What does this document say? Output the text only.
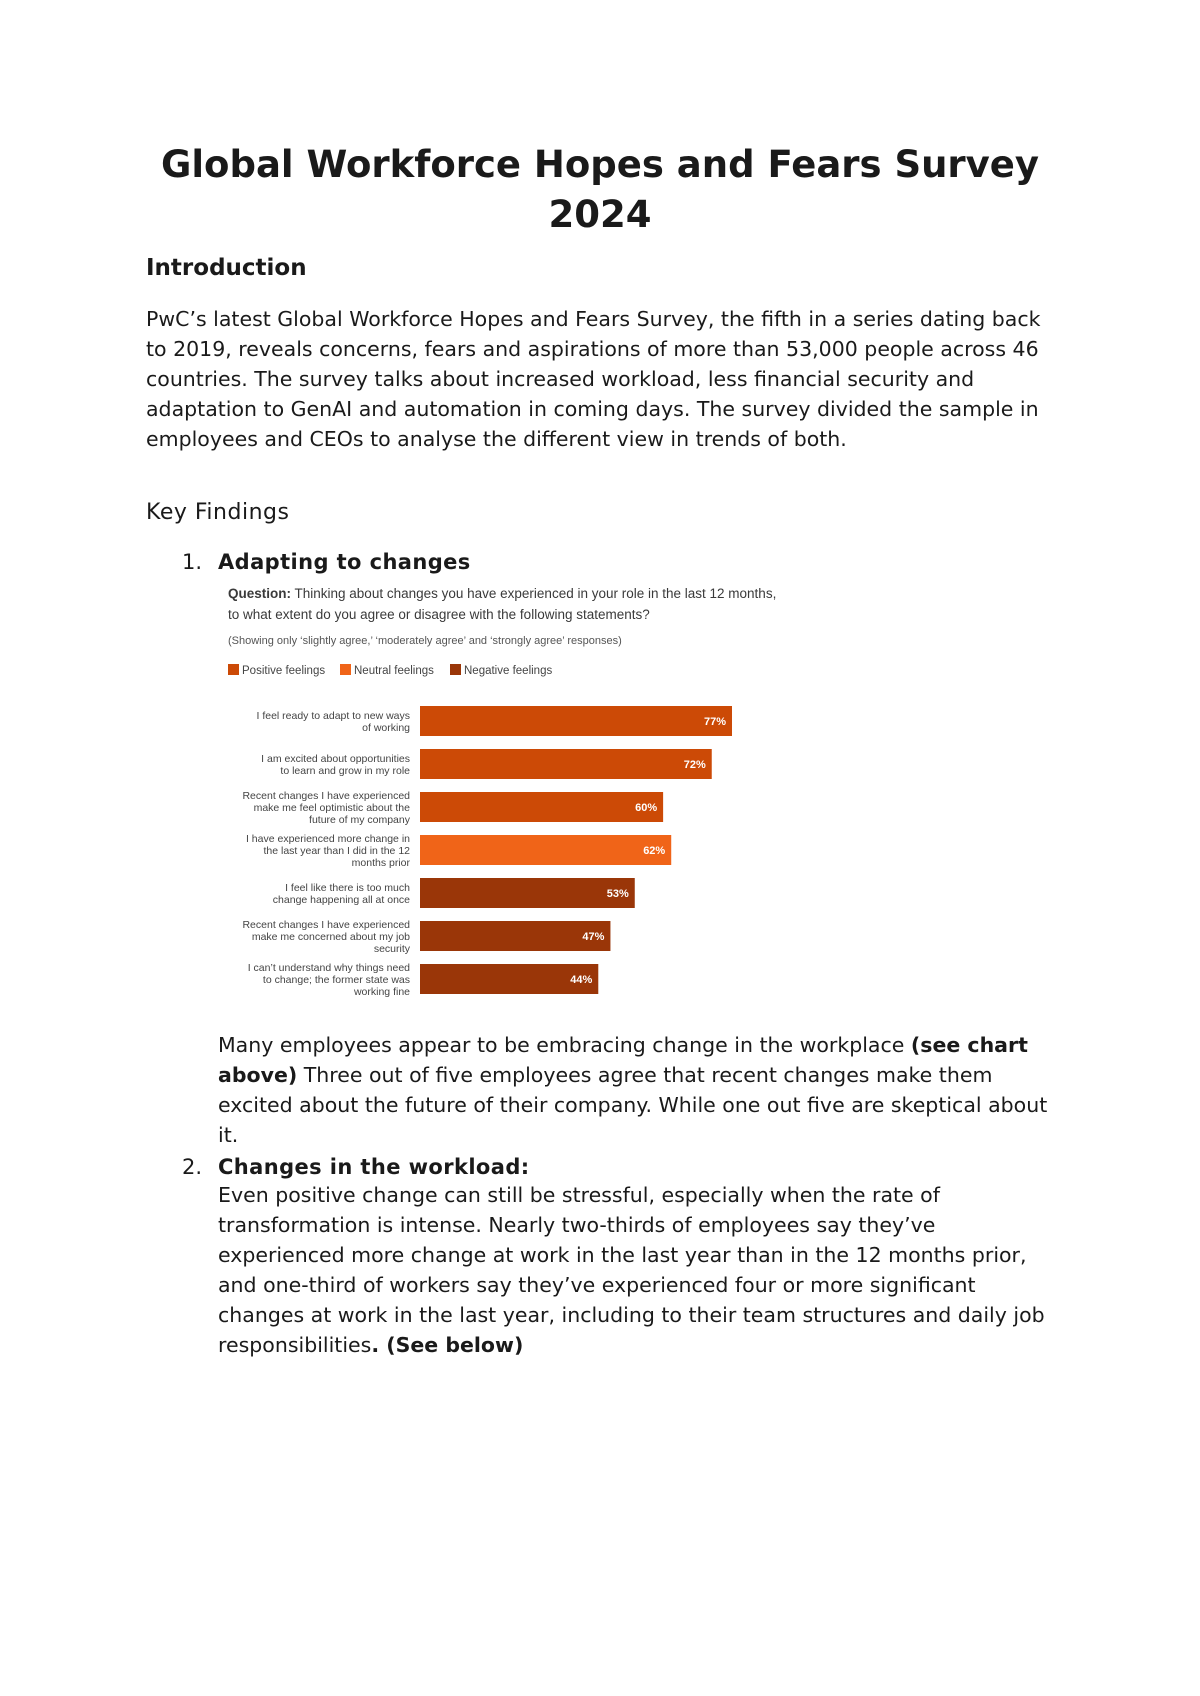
Global Workforce Hopes and Fears Survey 2024
Introduction

PwC’s latest Global Workforce Hopes and Fears Survey, the fifth in a series dating back to 2019, reveals concerns, fears and aspirations of more than 53,000 people across 46 countries. The survey talks about increased workload, less financial security and adaptation to GenAI and automation in coming days. The survey divided the sample in employees and CEOs to analyse the different view in trends of both.

Key Findings
1. Adapting to changes
Question: Thinking about changes you have experienced in your role in the last 12 months, to what extent do you agree or disagree with the following statements?
(Showing only ‘slightly agree,’ ‘moderately agree’ and ‘strongly agree’ responses)
Positive feelings	Neutral feelings	Negative feelings
77%
I feel ready to adapt to new ways of working
72%
I am excited about opportunities to learn and grow in my role
60%
Recent changes I have experienced make me feel optimistic about the future of my company
62%
I have experienced more change in the last year than I did in the 12 months prior
53%
I feel like there is too much change happening all at once
47%
Recent changes I have experienced make me concerned about my job security
44%
I can’t understand why things need to change; the former state was working fine

Many employees appear to be embracing change in the workplace (see chart above) Three out of five employees agree that recent changes make them excited about the future of their company. While one out five are skeptical about it.

2. Changes in the workload:

Even positive change can still be stressful, especially when the rate of transformation is intense. Nearly two-thirds of employees say they’ve experienced more change at work in the last year than in the 12 months prior, and one-third of workers say they’ve experienced four or more significant changes at work in the last year, including to their team structures and daily job responsibilities. (See below)
